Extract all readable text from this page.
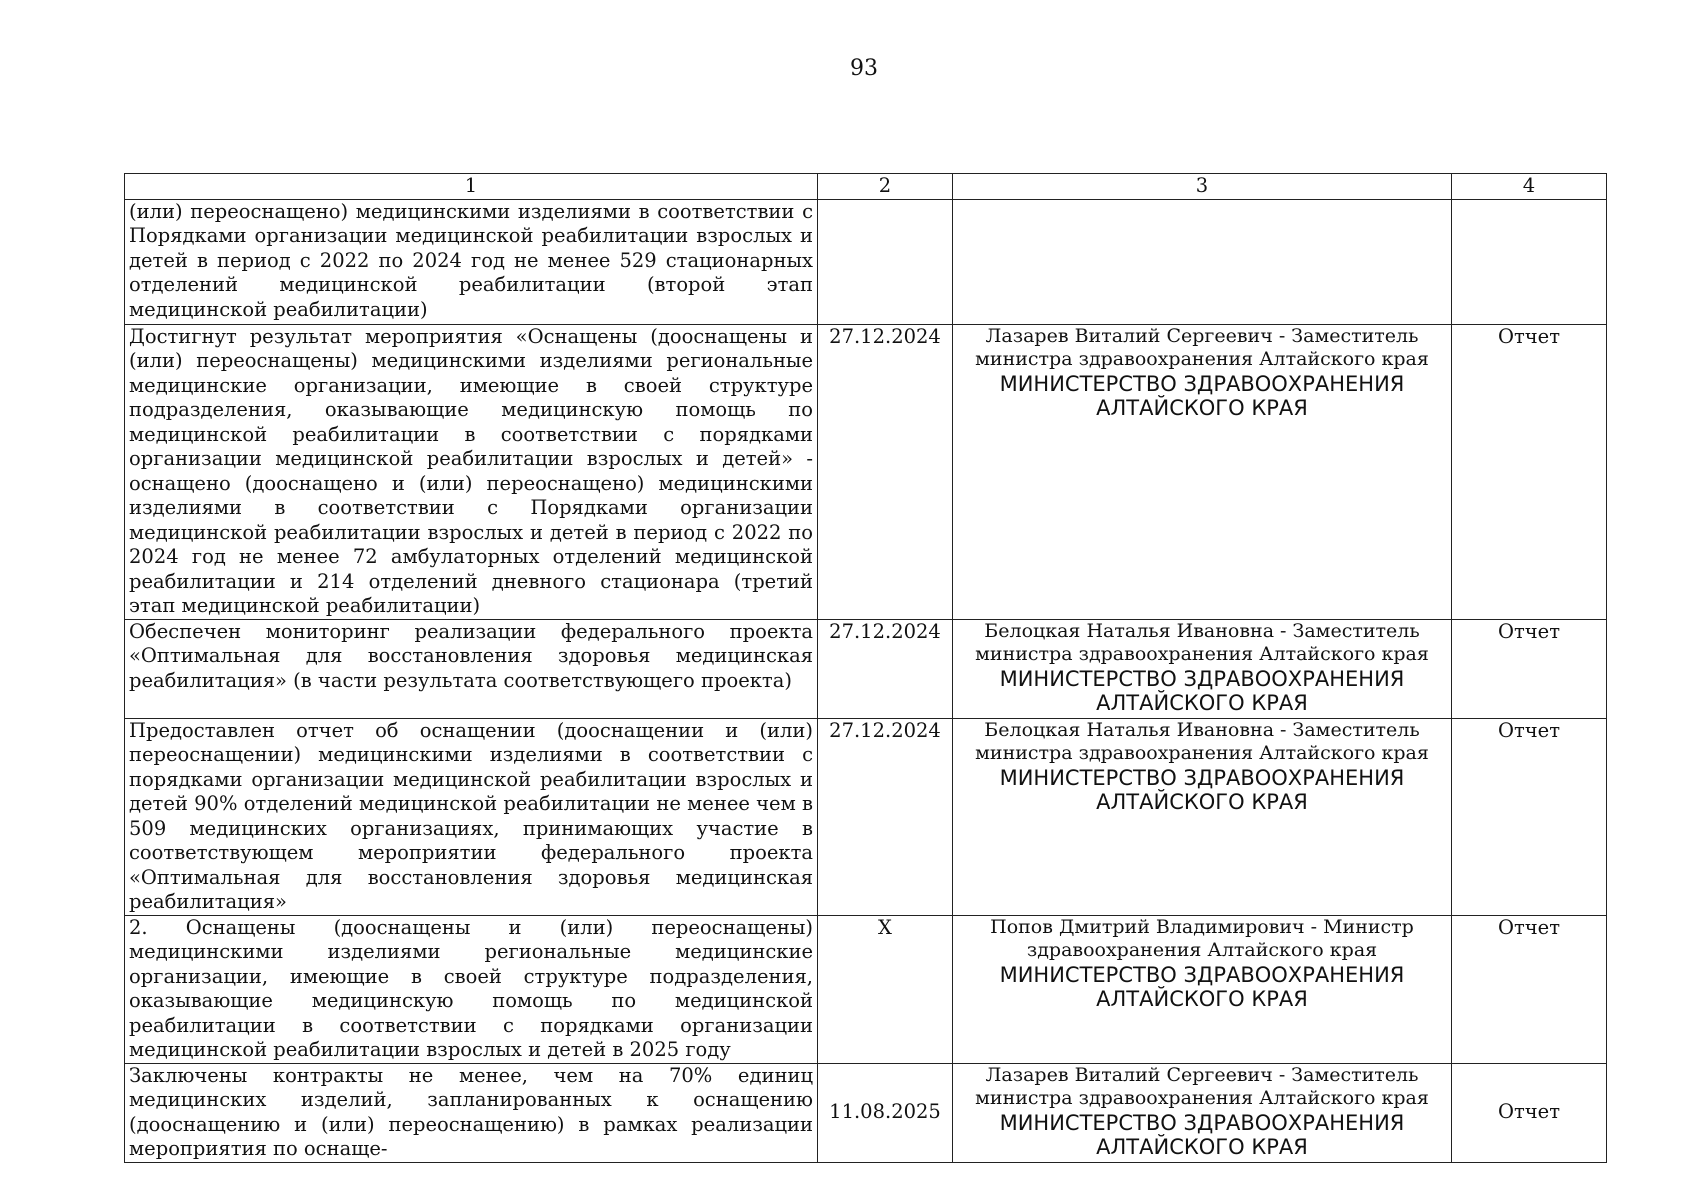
93
1	2	3	4

(или) переоснащено) медицинскими изделиями в соответствии с Порядками организации медицинской реабилитации взрослых и детей в период с 2022 по 2024 год не менее 529 стационарных отделений медицинской реабилитации (второй этап медицинской реабилитации)			

Достигнут результат мероприятия «Оснащены (дооснащены и (или) переоснащены) медицинскими изделиями региональные медицинские организации, имеющие в своей структуре подразделения, оказывающие медицинскую помощь по медицинской реабилитации в соответствии с порядками организации медицинской реабилитации взрослых и детей» - оснащено (дооснащено и (или) переоснащено) медицинскими изделиями в соответствии с Порядками организации медицинской реабилитации взрослых и детей в период с 2022 по 2024 год не менее 72 амбулаторных отделений медицинской реабилитации и 214 отделений дневного стационара (третий этап медицинской реабилитации)	27.12.2024	Лазарев Виталий Сергеевич - Заместитель министра здравоохранения Алтайского края
МИНИСТЕРСТВО ЗДРАВООХРАНЕНИЯ АЛТАЙСКОГО КРАЯ	Отчет

Обеспечен мониторинг реализации федерального проекта «Оптимальная для восстановления здоровья медицинская реабилитация» (в части результата соответствующего проекта)	27.12.2024	Белоцкая Наталья Ивановна - Заместитель министра здравоохранения Алтайского края
МИНИСТЕРСТВО ЗДРАВООХРАНЕНИЯ АЛТАЙСКОГО КРАЯ	Отчет

Предоставлен отчет об оснащении (дооснащении и (или) переоснащении) медицинскими изделиями в соответствии с порядками организации медицинской реабилитации взрослых и детей 90% отделений медицинской реабилитации не менее чем в 509 медицинских организациях, принимающих участие в соответствующем мероприятии федерального проекта «Оптимальная для восстановления здоровья медицинская реабилитация»	27.12.2024	Белоцкая Наталья Ивановна - Заместитель министра здравоохранения Алтайского края
МИНИСТЕРСТВО ЗДРАВООХРАНЕНИЯ АЛТАЙСКОГО КРАЯ	Отчет

2. Оснащены (дооснащены и (или) переоснащены) медицинскими изделиями региональные медицинские организации, имеющие в своей структуре подразделения, оказывающие медицинскую помощь по медицинской реабилитации в соответствии с порядками организации медицинской реабилитации взрослых и детей в 2025 году	X	Попов Дмитрий Владимирович - Министр здравоохранения Алтайского края
МИНИСТЕРСТВО ЗДРАВООХРАНЕНИЯ АЛТАЙСКОГО КРАЯ	Отчет

Заключены контракты не менее, чем на 70% единиц медицинских изделий, запланированных к оснащению (дооснащению и (или) переоснащению) в рамках реализации мероприятия по оснаще-	11.08.2025	Лазарев Виталий Сергеевич - Заместитель министра здравоохранения Алтайского края
МИНИСТЕРСТВО ЗДРАВООХРАНЕНИЯ АЛТАЙСКОГО КРАЯ	Отчет
